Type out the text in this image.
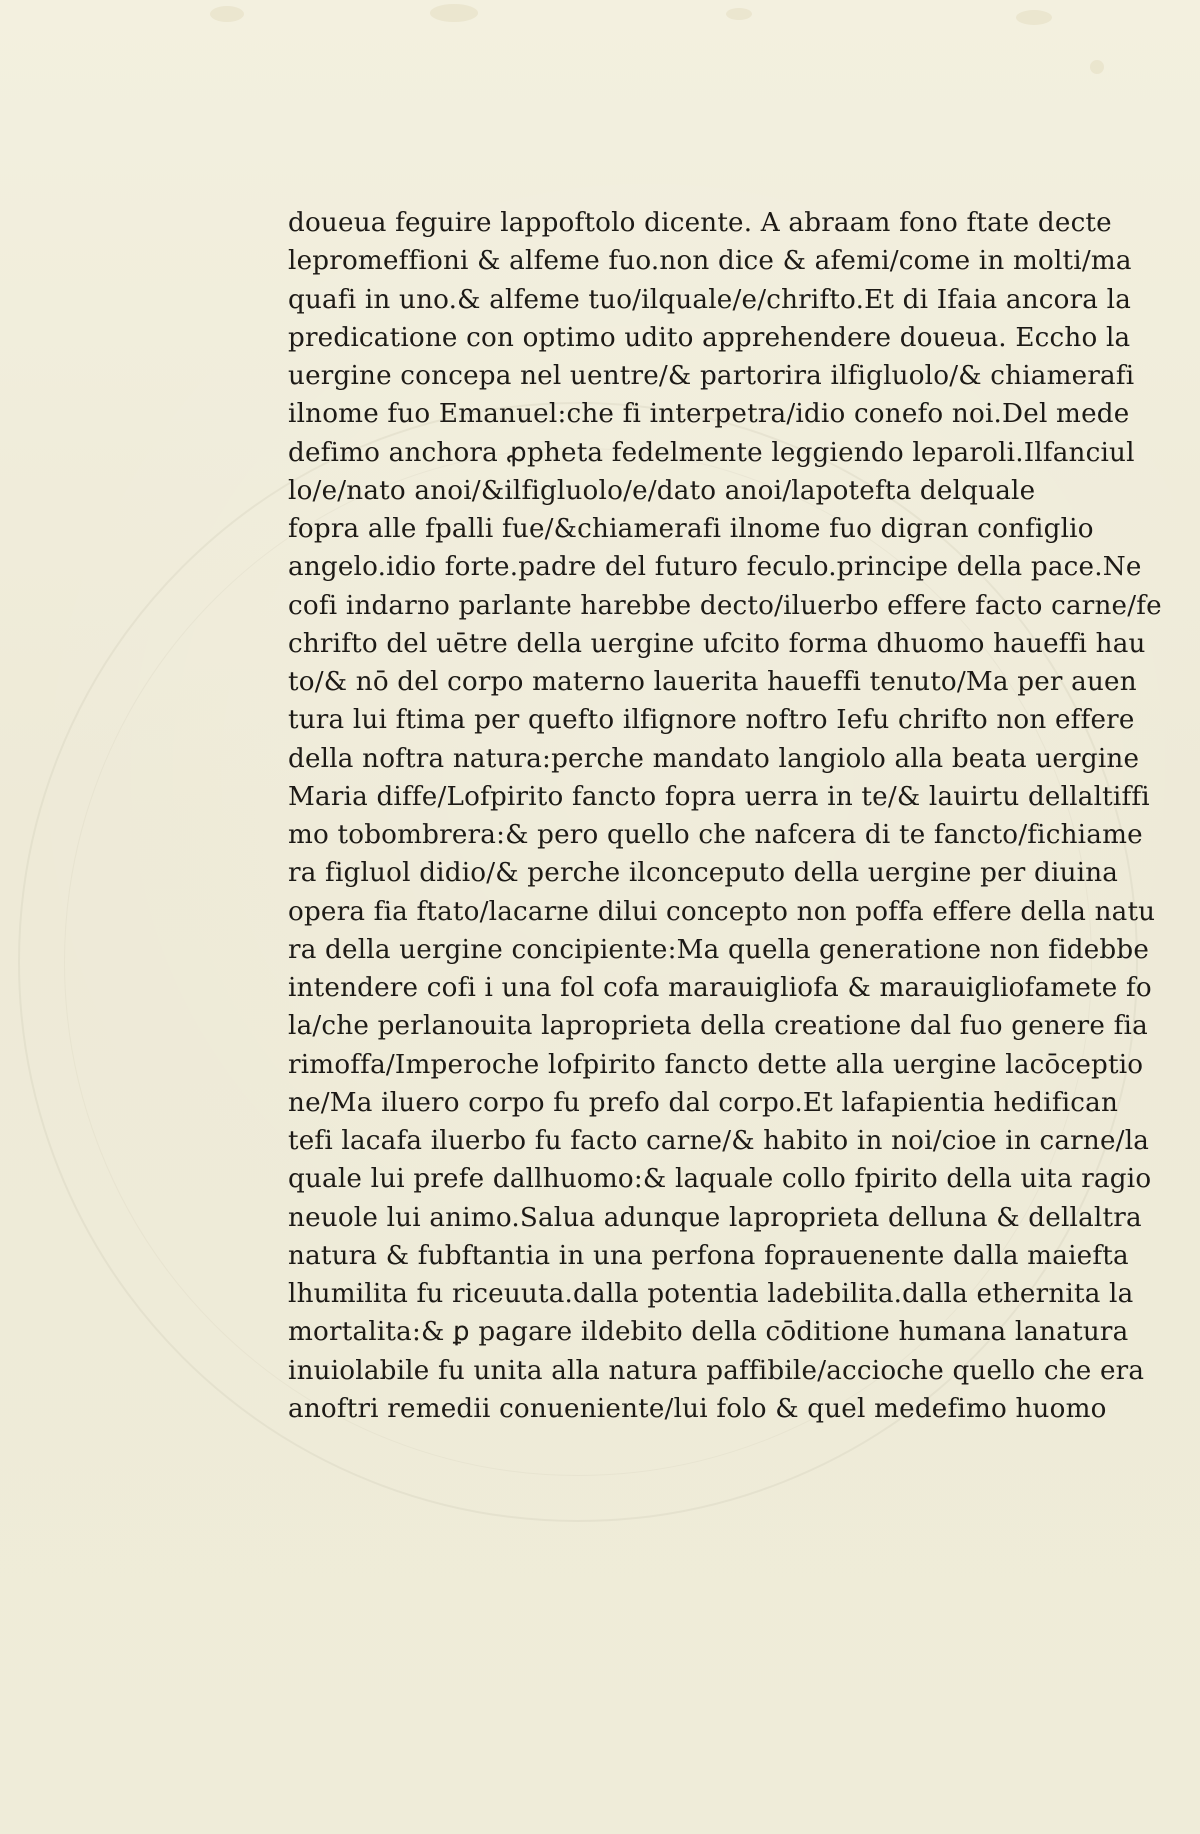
doueua feguire lappoftolo dicente. A abraam fono ftate decte
lepromeffioni & alfeme fuo.non dice & afemi/come in molti/ma
quafi in uno.& alfeme tuo/ilquale/e/chrifto.Et di Ifaia ancora la
predicatione con optimo udito apprehendere doueua. Eccho la
uergine concepa nel uentre/& partorira ilfigluolo/& chiamerafi
ilnome fuo Emanuel:che fi interpetra/idio conefo noi.Del mede
defimo anchora ꝓpheta fedelmente leggiendo leparoli.Ilfanciul
lo/e/nato anoi/&ilfigluolo/e/dato anoi/lapotefta delquale
fopra alle fpalli fue/&chiamerafi ilnome fuo digran configlio
angelo.idio forte.padre del futuro feculo.principe della pace.Ne
cofi indarno parlante harebbe decto/iluerbo effere facto carne/fe
chrifto del uētre della uergine ufcito forma dhuomo haueffi hau
to/& nō del corpo materno lauerita haueffi tenuto/Ma per auen
tura lui ftima per quefto ilfignore noftro Iefu chrifto non effere
della noftra natura:perche mandato langiolo alla beata uergine
Maria diffe/Lofpirito fancto fopra uerra in te/& lauirtu dellaltiffi
mo tobombrera:& pero quello che nafcera di te fancto/fichiame
ra figluol didio/& perche ilconceputo della uergine per diuina
opera fia ftato/lacarne dilui concepto non poffa effere della natu
ra della uergine concipiente:Ma quella generatione non fidebbe
intendere cofi i una fol cofa marauigliofa & marauigliofamete fo
la/che perlanouita laproprieta della creatione dal fuo genere fia
rimoffa/Imperoche lofpirito fancto dette alla uergine lacōceptio
ne/Ma iluero corpo fu prefo dal corpo.Et lafapientia hedifican
tefi lacafa iluerbo fu facto carne/& habito in noi/cioe in carne/la
quale lui prefe dallhuomo:& laquale collo fpirito della uita ragio
neuole lui animo.Salua adunque laproprieta delluna & dellaltra
natura & fubftantia in una perfona foprauenente dalla maiefta
lhumilita fu riceuuta.dalla potentia ladebilita.dalla ethernita la
mortalita:& ꝑ pagare ildebito della cōditione humana lanatura
inuiolabile fu unita alla natura paffibile/accioche quello che era
anoftri remedii conueniente/lui folo & quel medefimo huomo
